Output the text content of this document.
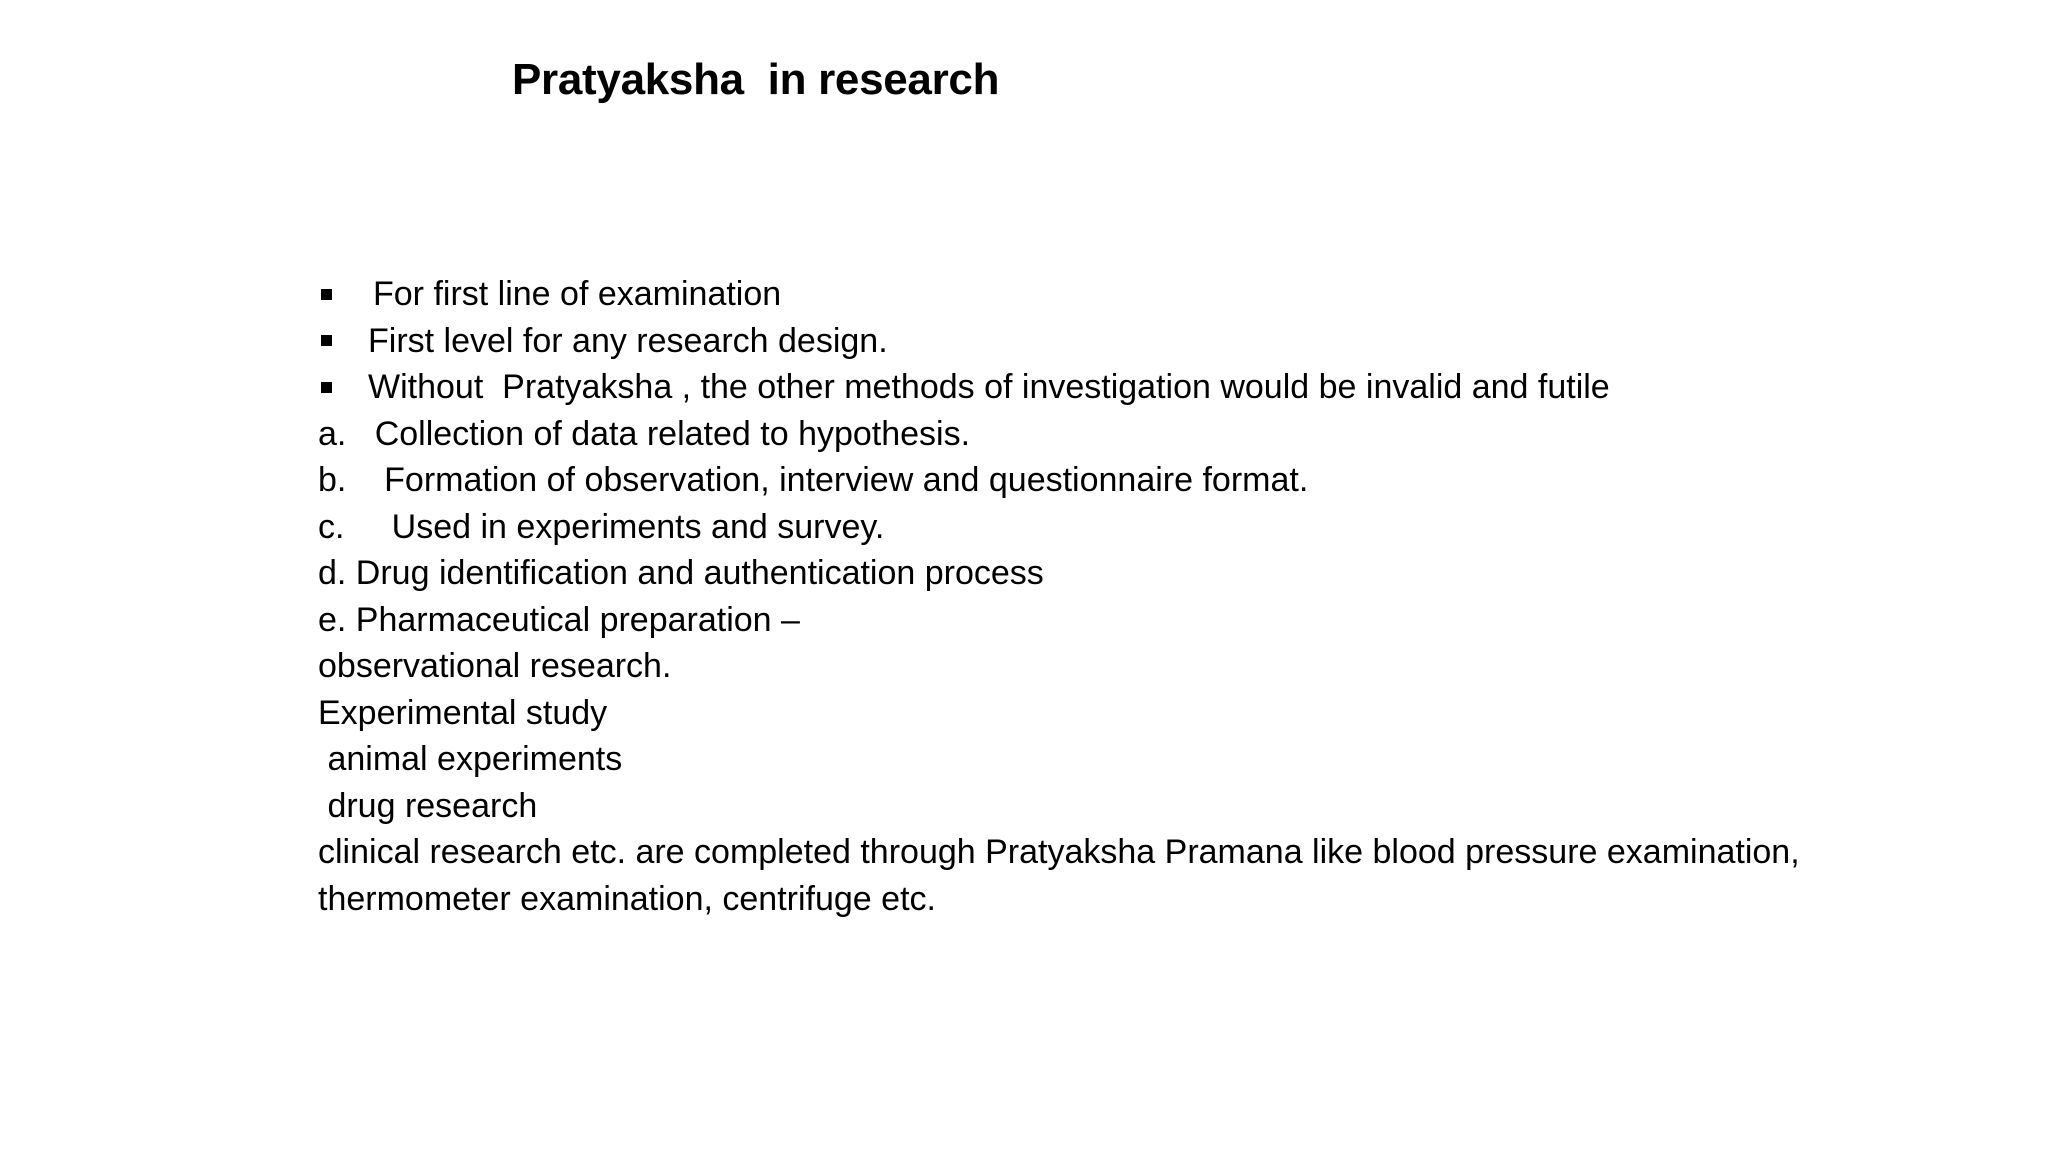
Pratyaksha  in research
For first line of examination
First level for any research design.
Without  Pratyaksha , the other methods of investigation would be invalid and futile
a.   Collection of data related to hypothesis.
b.    Formation of observation, interview and questionnaire format.
c.     Used in experiments and survey.
d. Drug identification and authentication process
e. Pharmaceutical preparation –
observational research.
Experimental study
animal experiments
drug research
clinical research etc. are completed through Pratyaksha Pramana like blood pressure examination, thermometer examination, centrifuge etc.
